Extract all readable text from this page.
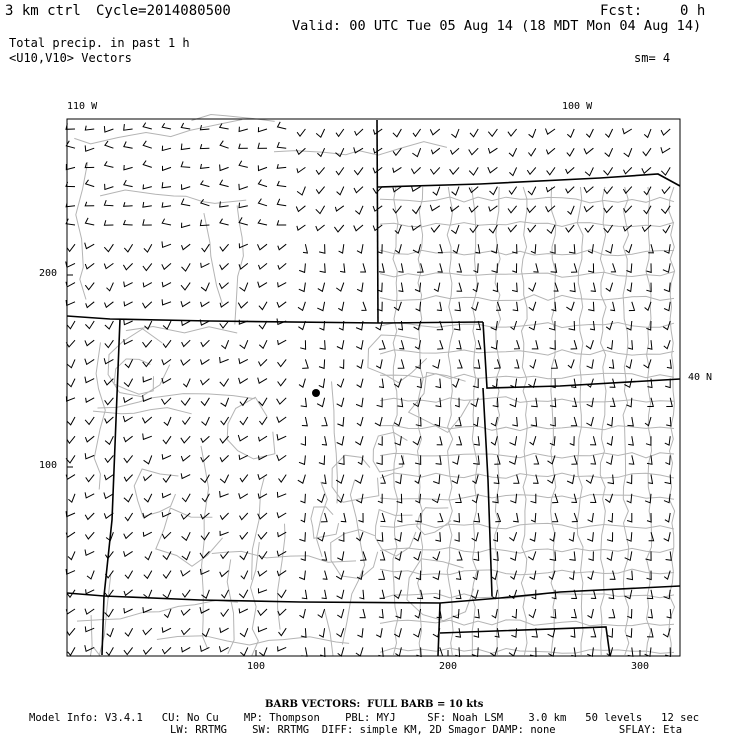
3 km ctrl Cycle=2014080500	Fcst:	0 h
Valid: 00 UTC Tue 05 Aug 14 (18 MDT Mon 04 Aug 14)
Total precip. in past 1 h
<U10,V10> Vectors	sm= 4
110 W	100 W
40 N
200
100
100	200	300
BARB VECTORS:  FULL BARB = 10 kts
Model Info: V3.4.1   CU: No Cu    MP: Thompson    PBL: MYJ     SF: Noah LSM    3.0 km   50 levels   12 sec
LW: RRTMG    SW: RRTMG  DIFF: simple KM, 2D Smagor DAMP: none          SFLAY: Eta
